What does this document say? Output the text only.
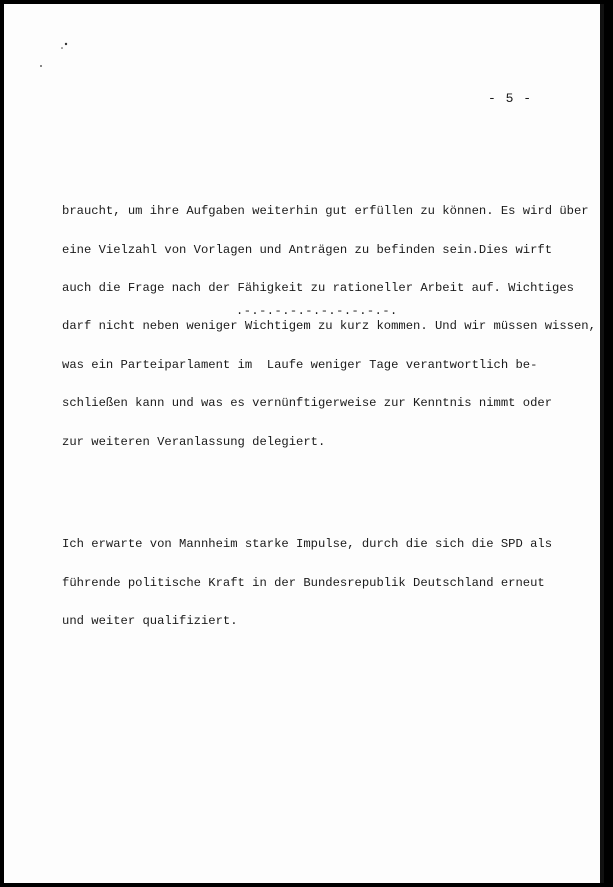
- 5 -

braucht, um ihre Aufgaben weiterhin gut erfüllen zu können. Es wird über

eine Vielzahl von Vorlagen und Anträgen zu befinden sein.Dies wirft

auch die Frage nach der Fähigkeit zu rationeller Arbeit auf. Wichtiges

darf nicht neben weniger Wichtigem zu kurz kommen. Und wir müssen wissen,

was ein Parteiparlament im  Laufe weniger Tage verantwortlich be-

schließen kann und was es vernünftigerweise zur Kenntnis nimmt oder

zur weiteren Veranlassung delegiert.

Ich erwarte von Mannheim starke Impulse, durch die sich die SPD als

führende politische Kraft in der Bundesrepublik Deutschland erneut

und weiter qualifiziert.

.-.-.-.-.-.-.-.-.-.-.
